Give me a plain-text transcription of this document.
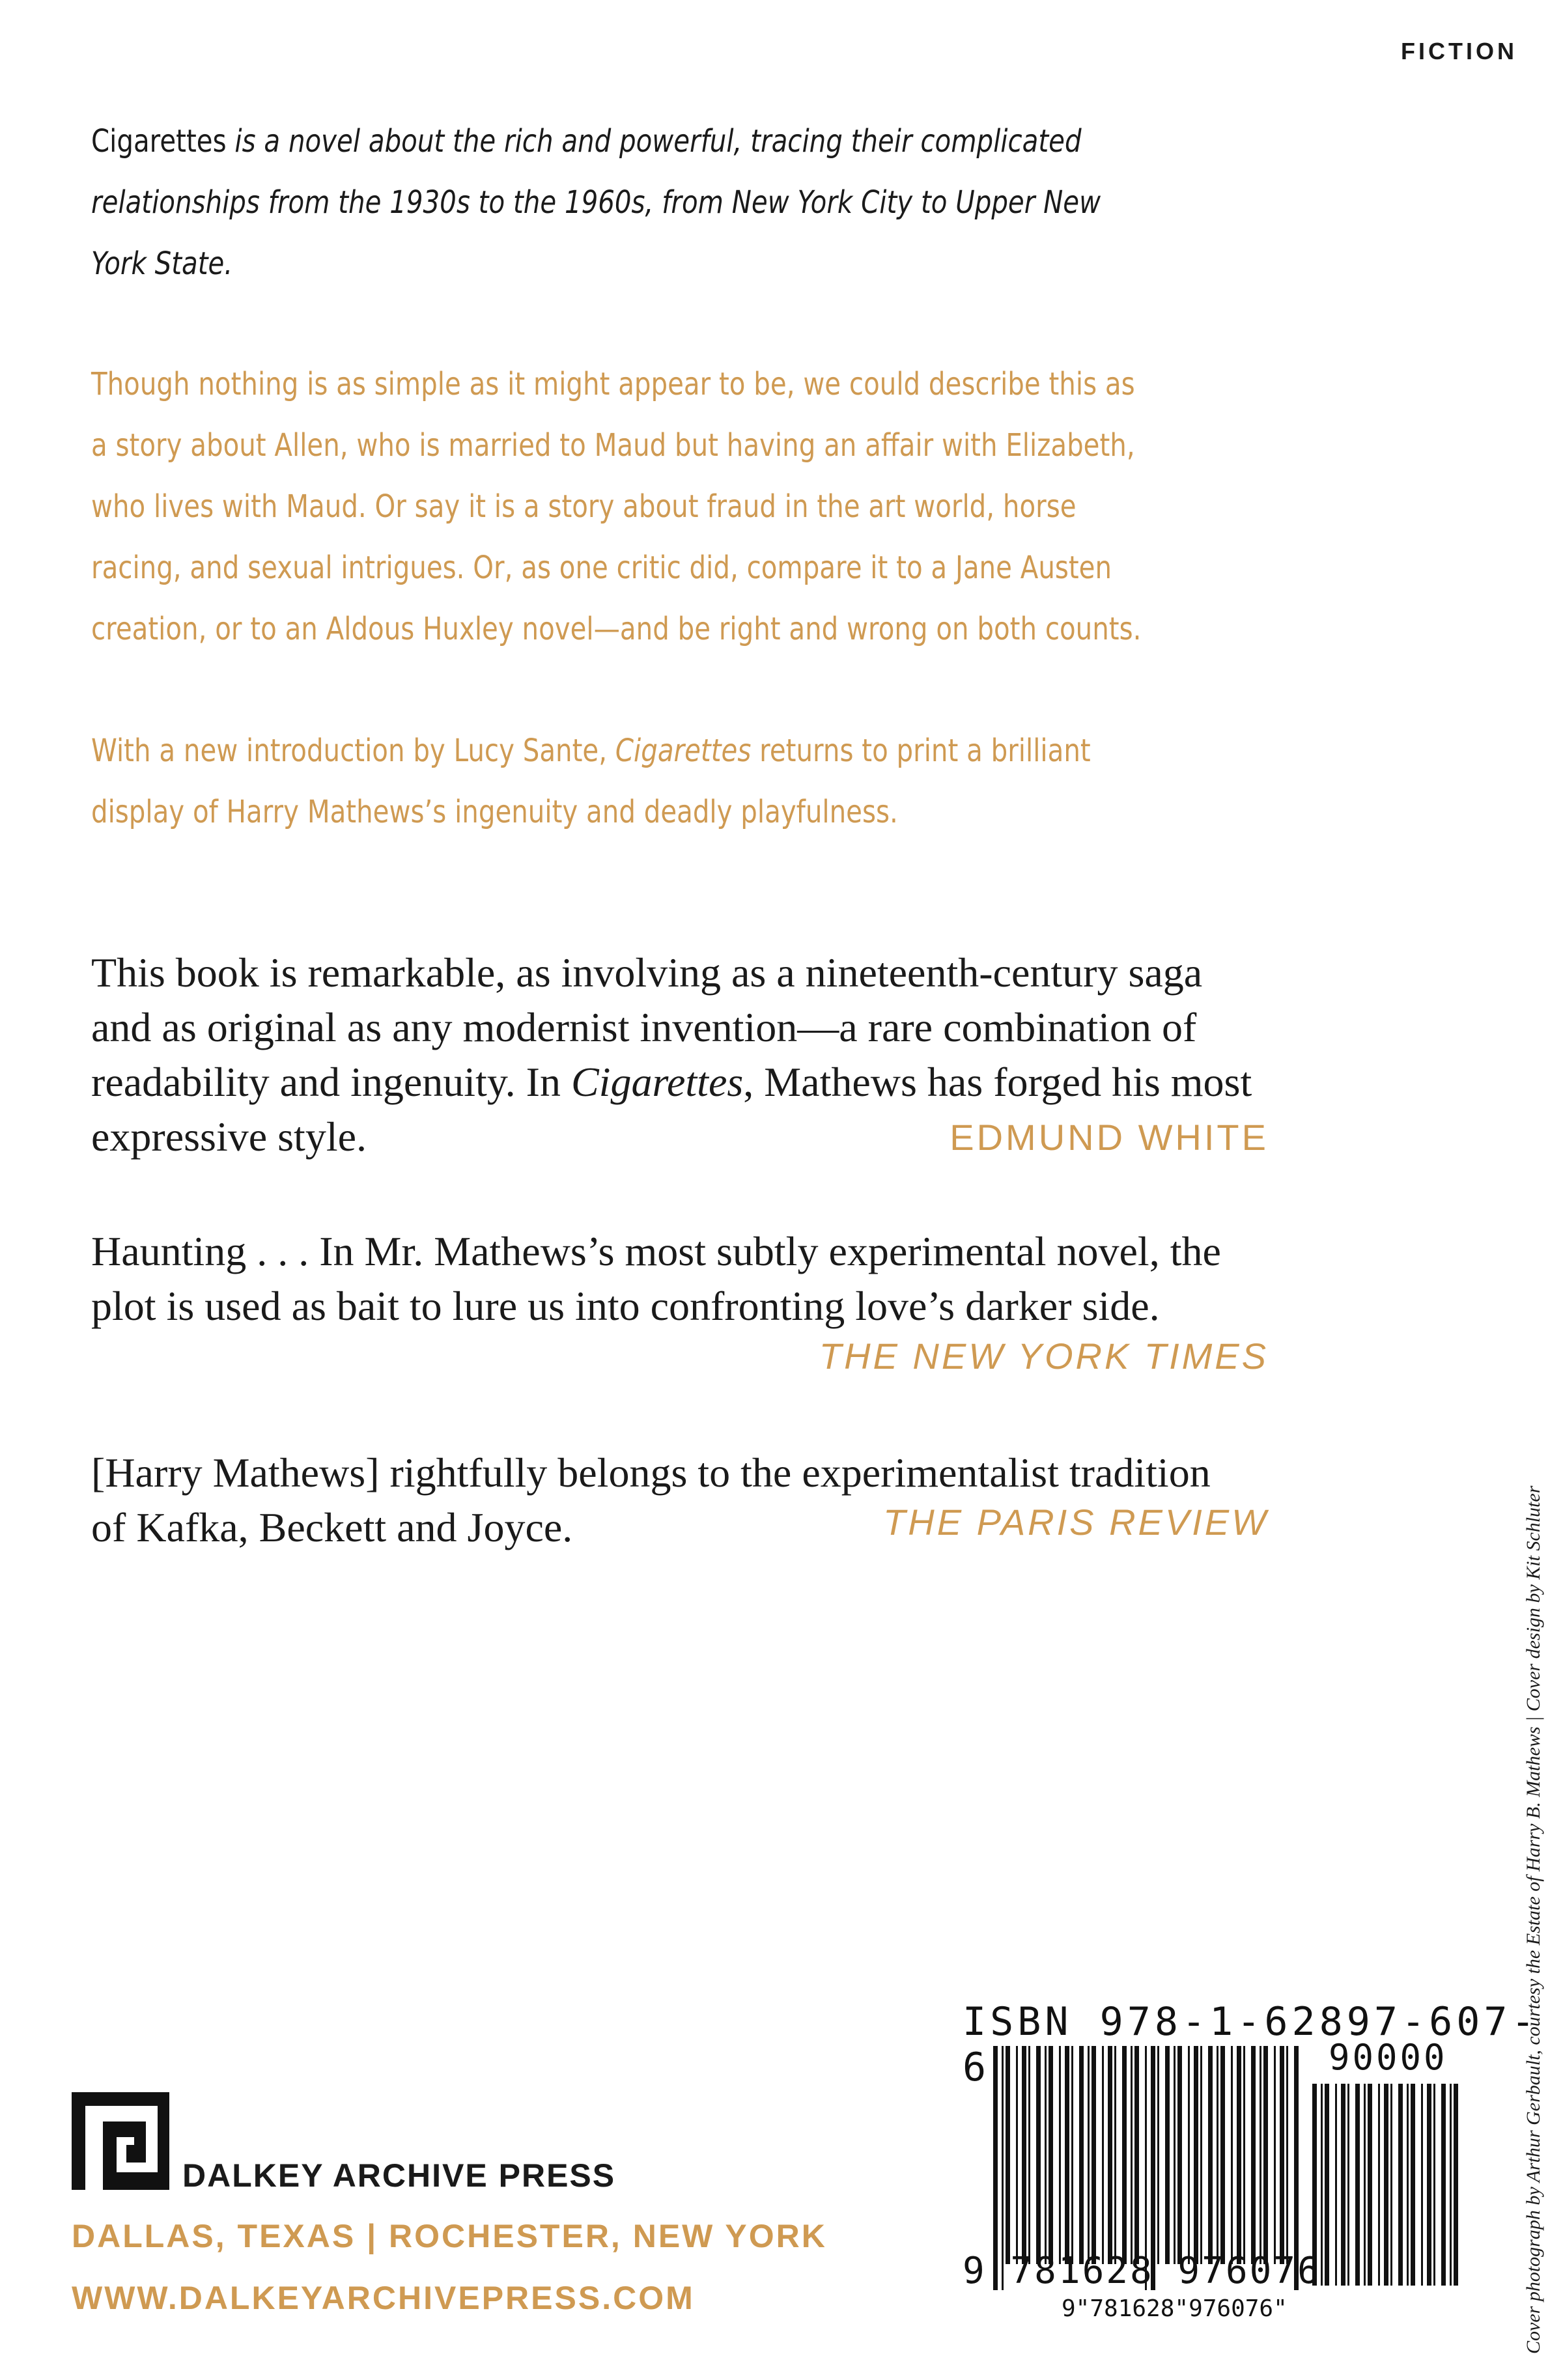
FICTION
Cigarettes is a novel about the rich and powerful, tracing their complicated
relationships from the 1930s to the 1960s, from New York City to Upper New
York State.
Though nothing is as simple as it might appear to be, we could describe this as
a story about Allen, who is married to Maud but having an affair with Elizabeth,
who lives with Maud. Or say it is a story about fraud in the art world, horse
racing, and sexual intrigues. Or, as one critic did, compare it to a Jane Austen
creation, or to an Aldous Huxley novel—and be right and wrong on both counts.
With a new introduction by Lucy Sante, Cigarettes returns to print a brilliant
display of Harry Mathews’s ingenuity and deadly playfulness.
This book is remarkable, as involving as a nineteenth-century saga
and as original as any modernist invention—a rare combination of
readability and ingenuity. In Cigarettes, Mathews has forged his most
expressive style.	EDMUND WHITE
Haunting . . . In Mr. Mathews’s most subtly experimental novel, the
plot is used as bait to lure us into confronting love’s darker side.
THE NEW YORK TIMES
[Harry Mathews] rightfully belongs to the experimentalist tradition
of Kafka, Beckett and Joyce.	THE PARIS REVIEW
DALKEY ARCHIVE PRESS
DALLAS, TEXAS | ROCHESTER, NEW YORK
WWW.DALKEYARCHIVEPRESS.COM
ISBN 978-1-62897-607-6	90000
9 781628 976076
9"781628"976076"	Cover photograph by Arthur Gerbault, courtesy the Estate of Harry B. Mathews | Cover design by Kit Schluter
